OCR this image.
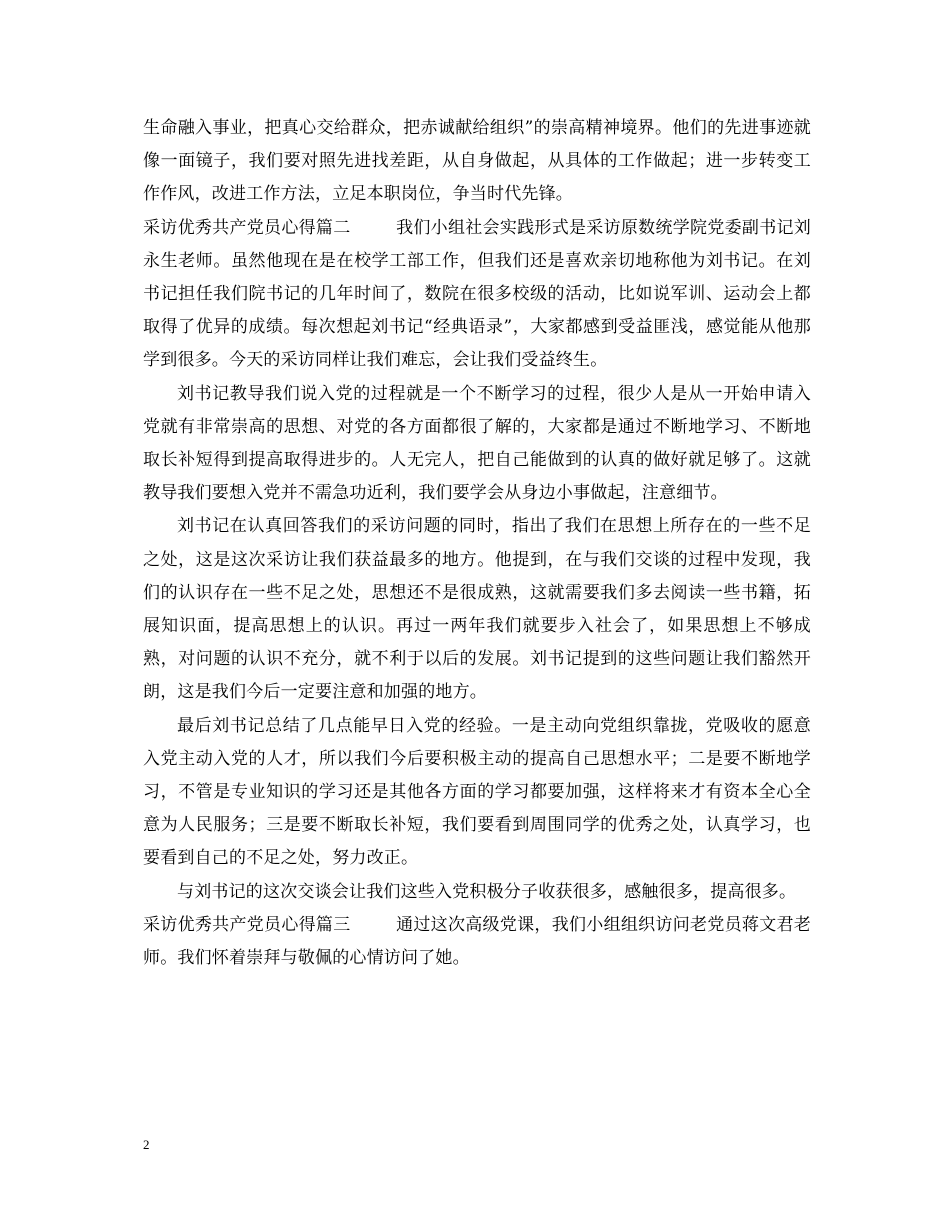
生命融入事业，把真心交给群众，把赤诚献给组织”的崇高精神境界。他们的先进事迹就像一面镜子，我们要对照先进找差距，从自身做起，从具体的工作做起；进一步转变工作作风，改进工作方法，立足本职岗位，争当时代先锋。

采访优秀共产党员心得篇二	我们小组社会实践形式是采访原数统学院党委副书记刘永生老师。虽然他现在是在校学工部工作，但我们还是喜欢亲切地称他为刘书记。在刘书记担任我们院书记的几年时间了，数院在很多校级的活动，比如说军训、运动会上都取得了优异的成绩。每次想起刘书记“经典语录”，大家都感到受益匪浅，感觉能从他那学到很多。今天的采访同样让我们难忘，会让我们受益终生。

刘书记教导我们说入党的过程就是一个不断学习的过程，很少人是从一开始申请入党就有非常崇高的思想、对党的各方面都很了解的，大家都是通过不断地学习、不断地取长补短得到提高取得进步的。人无完人，把自己能做到的认真的做好就足够了。这就教导我们要想入党并不需急功近利，我们要学会从身边小事做起，注意细节。

刘书记在认真回答我们的采访问题的同时，指出了我们在思想上所存在的一些不足之处，这是这次采访让我们获益最多的地方。他提到，在与我们交谈的过程中发现，我们的认识存在一些不足之处，思想还不是很成熟，这就需要我们多去阅读一些书籍，拓展知识面，提高思想上的认识。再过一两年我们就要步入社会了，如果思想上不够成熟，对问题的认识不充分，就不利于以后的发展。刘书记提到的这些问题让我们豁然开朗，这是我们今后一定要注意和加强的地方。

最后刘书记总结了几点能早日入党的经验。一是主动向党组织靠拢，党吸收的愿意入党主动入党的人才，所以我们今后要积极主动的提高自己思想水平；二是要不断地学习，不管是专业知识的学习还是其他各方面的学习都要加强，这样将来才有资本全心全意为人民服务；三是要不断取长补短，我们要看到周围同学的优秀之处，认真学习，也要看到自己的不足之处，努力改正。

与刘书记的这次交谈会让我们这些入党积极分子收获很多，感触很多，提高很多。

采访优秀共产党员心得篇三	通过这次高级党课，我们小组组织访问老党员蒋文君老师。我们怀着崇拜与敬佩的心情访问了她。

2
